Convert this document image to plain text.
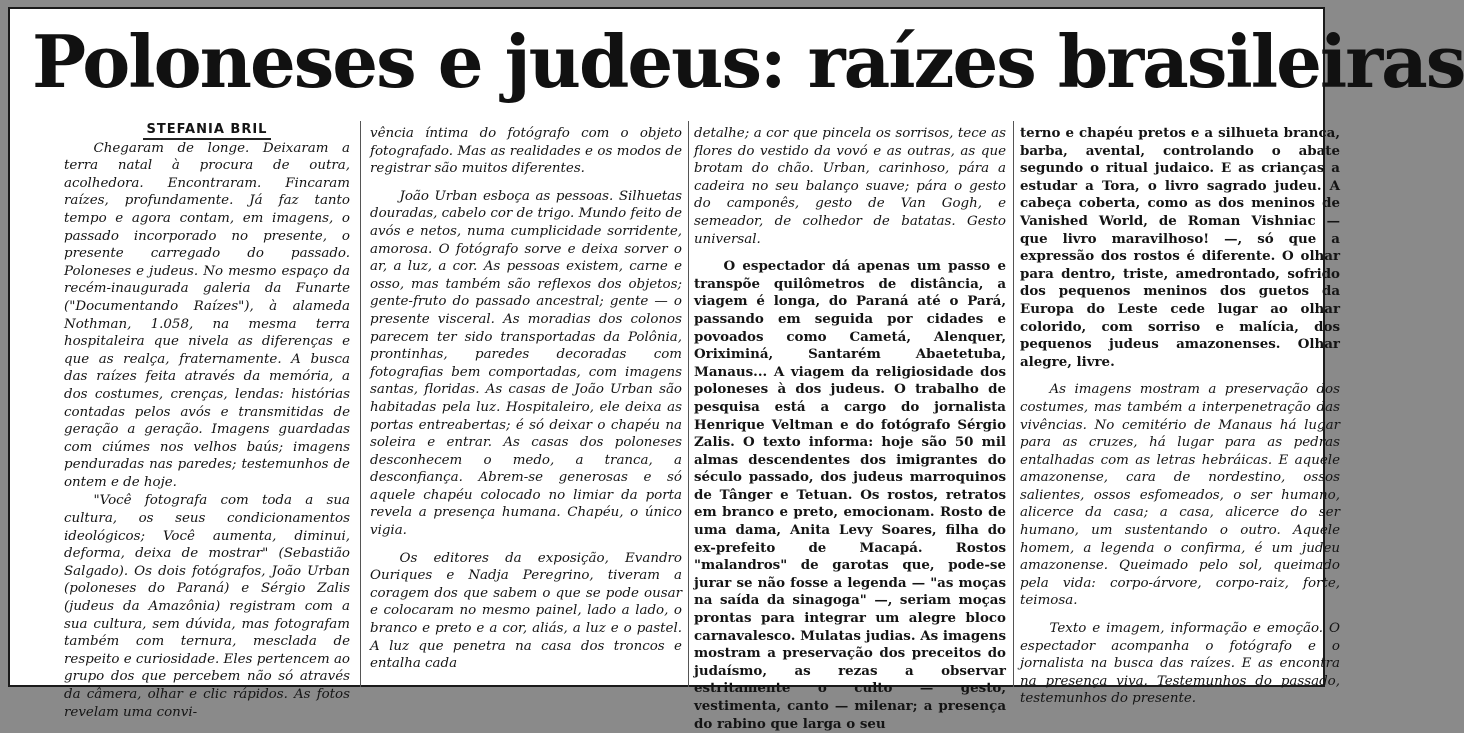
Poloneses e judeus: raízes brasileiras

STEFANIA BRIL

Chegaram de longe. Deixaram a terra natal à procura de outra, acolhedora. Encontraram. Fincaram raízes, profundamente. Já faz tanto tempo e agora contam, em imagens, o passado incorporado no presente, o presente carregado do passado. Poloneses e judeus. No mesmo espaço da recém-inaugurada galeria da Funarte ("Documentando Raízes"), à alameda Nothman, 1.058, na mesma terra hospitaleira que nivela as diferenças e que as realça, fraternamente. A busca das raízes feita através da memória, a dos costumes, crenças, lendas: histórias contadas pelos avós e transmitidas de geração a geração. Imagens guardadas com ciúmes nos velhos baús; imagens penduradas nas paredes; testemunhos de ontem e de hoje.

"Você fotografa com toda a sua cultura, os seus condicionamentos ideológicos; Você aumenta, diminui, deforma, deixa de mostrar" (Sebastião Salgado). Os dois fotógrafos, João Urban (poloneses do Paraná) e Sérgio Zalis (judeus da Amazônia) registram com a sua cultura, sem dúvida, mas fotografam também com ternura, mesclada de respeito e curiosidade. Eles pertencem ao grupo dos que percebem não só através da câmera, olhar e clic rápidos. As fotos revelam uma convi-

vência íntima do fotógrafo com o objeto fotografado. Mas as realidades e os modos de registrar são muitos diferentes.

João Urban esboça as pessoas. Silhuetas douradas, cabelo cor de trigo. Mundo feito de avós e netos, numa cumplicidade sorridente, amorosa. O fotógrafo sorve e deixa sorver o ar, a luz, a cor. As pessoas existem, carne e osso, mas também são reflexos dos objetos; gente-fruto do passado ancestral; gente — o presente visceral. As moradias dos colonos parecem ter sido transportadas da Polônia, prontinhas, paredes decoradas com fotografias bem comportadas, com imagens santas, floridas. As casas de João Urban são habitadas pela luz. Hospitaleiro, ele deixa as portas entreabertas; é só deixar o chapéu na soleira e entrar. As casas dos poloneses desconhecem o medo, a tranca, a desconfiança. Abrem-se generosas e só aquele chapéu colocado no limiar da porta revela a presença humana. Chapéu, o único vigia.

Os editores da exposição, Evandro Ouriques e Nadja Peregrino, tiveram a coragem dos que sabem o que se pode ousar e colocaram no mesmo painel, lado a lado, o branco e preto e a cor, aliás, a luz e o pastel. A luz que penetra na casa dos troncos e entalha cada

detalhe; a cor que pincela os sorrisos, tece as flores do vestido da vovó e as outras, as que brotam do chão. Urban, carinhoso, pára a cadeira no seu balanço suave; pára o gesto do camponês, gesto de Van Gogh, e semeador, de colhedor de batatas. Gesto universal.

O espectador dá apenas um passo e transpõe quilômetros de distância, a viagem é longa, do Paraná até o Pará, passando em seguida por cidades e povoados como Cametá, Alenquer, Oriximiná, Santarém Abaetetuba, Manaus... A viagem da religiosidade dos poloneses à dos judeus. O trabalho de pesquisa está a cargo do jornalista Henrique Veltman e do fotógrafo Sérgio Zalis. O texto informa: hoje são 50 mil almas descendentes dos imigrantes do século passado, dos judeus marroquinos de Tânger e Tetuan. Os rostos, retratos em branco e preto, emocionam. Rosto de uma dama, Anita Levy Soares, filha do ex-prefeito de Macapá. Rostos "malandros" de garotas que, pode-se jurar se não fosse a legenda — "as moças na saída da sinagoga" —, seriam moças prontas para integrar um alegre bloco carnavalesco. Mulatas judias. As imagens mostram a preservação dos preceitos do judaísmo, as rezas a observar estritamente o culto — gesto, vestimenta, canto — milenar; a presença do rabino que larga o seu

terno e chapéu pretos e a silhueta branca, barba, avental, controlando o abate segundo o ritual judaico. E as crianças a estudar a Tora, o livro sagrado judeu. A cabeça coberta, como as dos meninos de Vanished World, de Roman Vishniac — que livro maravilhoso! —, só que a expressão dos rostos é diferente. O olhar para dentro, triste, amedrontado, sofrido dos pequenos meninos dos guetos da Europa do Leste cede lugar ao olhar colorido, com sorriso e malícia, dos pequenos judeus amazonenses. Olhar alegre, livre.

As imagens mostram a preservação dos costumes, mas também a interpenetração das vivências. No cemitério de Manaus há lugar para as cruzes, há lugar para as pedras entalhadas com as letras hebráicas. E aquele amazonense, cara de nordestino, ossos salientes, ossos esfomeados, o ser humano, alicerce da casa; a casa, alicerce do ser humano, um sustentando o outro. Aquele homem, a legenda o confirma, é um judeu amazonense. Queimado pelo sol, queimado pela vida: corpo-árvore, corpo-raiz, forte, teimosa.

Texto e imagem, informação e emoção. O espectador acompanha o fotógrafo e o jornalista na busca das raízes. E as encontra na presença viva. Testemunhos do passado, testemunhos do presente.
